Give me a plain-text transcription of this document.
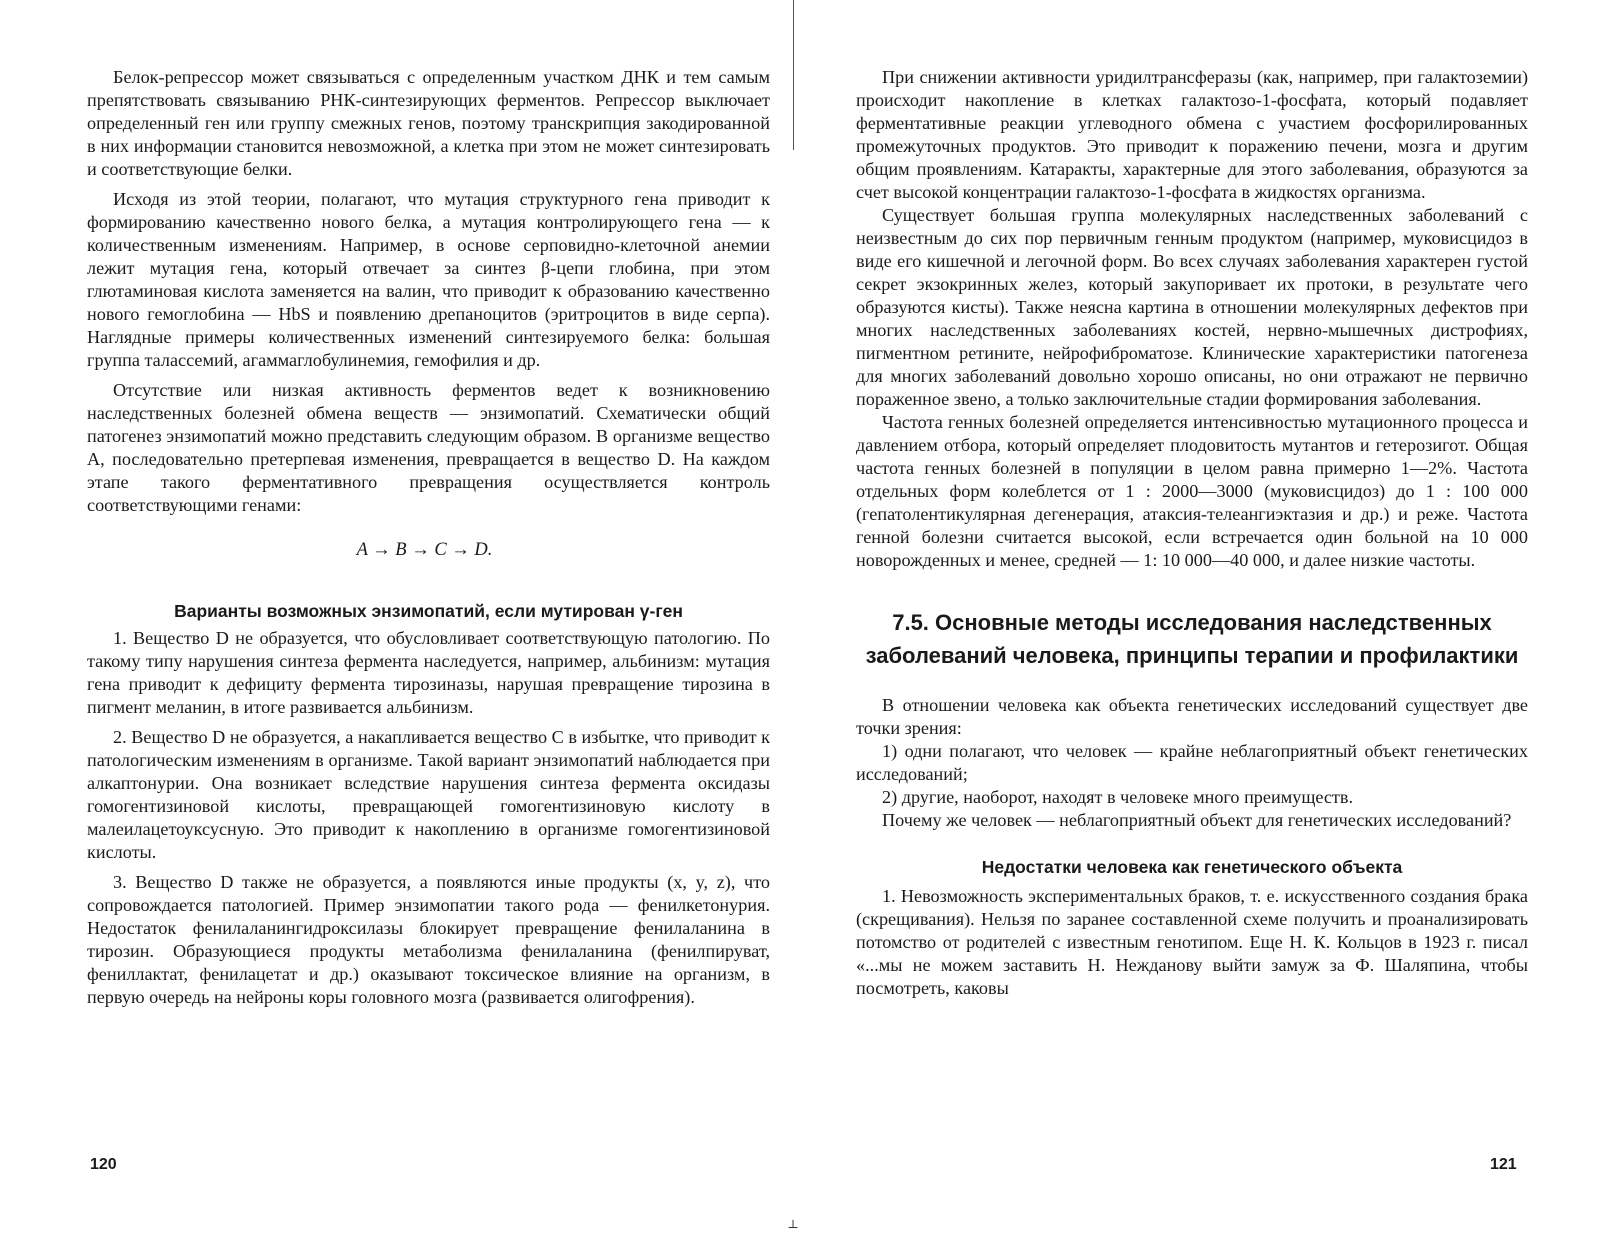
Белок-репрессор может связываться с определенным участком ДНК и тем самым препятствовать связыванию РНК-синтезирующих ферментов. Репрессор выключает определенный ген или группу смежных генов, поэтому транскрипция закодированной в них информации становится невозможной, а клетка при этом не может синтезировать и соответствующие белки.

Исходя из этой теории, полагают, что мутация структурного гена приводит к формированию качественно нового белка, а мутация контролирующего гена — к количественным изменениям. Например, в основе серповидно-клеточной анемии лежит мутация гена, который отвечает за синтез β-цепи глобина, при этом глютаминовая кислота заменяется на валин, что приводит к образованию качественно нового гемоглобина — HbS и появлению дрепаноцитов (эритроцитов в виде серпа). Наглядные примеры количественных изменений синтезируемого белка: большая группа талассемий, агаммаглобулинемия, гемофилия и др.

Отсутствие или низкая активность ферментов ведет к возникновению наследственных болезней обмена веществ — энзимопатий. Схематически общий патогенез энзимопатий можно представить следующим образом. В организме вещество A, последовательно претерпевая изменения, превращается в вещество D. На каждом этапе такого ферментативного превращения осуществляется контроль соответствующими генами:

A → B → C → D.
Варианты возможных энзимопатий, если мутирован γ-ген

1. Вещество D не образуется, что обусловливает соответствующую патологию. По такому типу нарушения синтеза фермента наследуется, например, альбинизм: мутация гена приводит к дефициту фермента тирозиназы, нарушая превращение тирозина в пигмент меланин, в итоге развивается альбинизм.

2. Вещество D не образуется, а накапливается вещество C в избытке, что приводит к патологическим изменениям в организме. Такой вариант энзимопатий наблюдается при алкаптонурии. Она возникает вследствие нарушения синтеза фермента оксидазы гомогентизиновой кислоты, превращающей гомогентизиновую кислоту в малеилацетоуксусную. Это приводит к накоплению в организме гомогентизиновой кислоты.

3. Вещество D также не образуется, а появляются иные продукты (x, y, z), что сопровождается патологией. Пример энзимопатии такого рода — фенилкетонурия. Недостаток фенилаланингидроксилазы блокирует превращение фенилаланина в тирозин. Образующиеся продукты метаболизма фенилаланина (фенилпируват, фениллактат, фенилацетат и др.) оказывают токсическое влияние на организм, в первую очередь на нейроны коры головного мозга (развивается олигофрения).

При снижении активности уридилтрансферазы (как, например, при галактоземии) происходит накопление в клетках галактозо-1-фосфата, который подавляет ферментативные реакции углеводного обмена с участием фосфорилированных промежуточных продуктов. Это приводит к поражению печени, мозга и другим общим проявлениям. Катаракты, характерные для этого заболевания, образуются за счет высокой концентрации галактозо-1-фосфата в жидкостях организма.

Существует большая группа молекулярных наследственных заболеваний с неизвестным до сих пор первичным генным продуктом (например, муковисцидоз в виде его кишечной и легочной форм. Во всех случаях заболевания характерен густой секрет экзокринных желез, который закупоривает их протоки, в результате чего образуются кисты). Также неясна картина в отношении молекулярных дефектов при многих наследственных заболеваниях костей, нервно-мышечных дистрофиях, пигментном ретините, нейрофиброматозе. Клинические характеристики патогенеза для многих заболеваний довольно хорошо описаны, но они отражают не первично пораженное звено, а только заключительные стадии формирования заболевания.

Частота генных болезней определяется интенсивностью мутационного процесса и давлением отбора, который определяет плодовитость мутантов и гетерозигот. Общая частота генных болезней в популяции в целом равна примерно 1—2%. Частота отдельных форм колеблется от 1 : 2000—3000 (муковисцидоз) до 1 : 100 000 (гепатолентикулярная дегенерация, атаксия-телеангиэктазия и др.) и реже. Частота генной болезни считается высокой, если встречается один больной на 10 000 новорожденных и менее, средней — 1: 10 000—40 000, и далее низкие частоты.

7.5. Основные методы исследования наследственных
заболеваний человека, принципы терапии и профилактики

В отношении человека как объекта генетических исследований существует две точки зрения:

1) одни полагают, что человек — крайне неблагоприятный объект генетических исследований;

2) другие, наоборот, находят в человеке много преимуществ.

Почему же человек — неблагоприятный объект для генетических исследований?

Недостатки человека как генетического объекта

1. Невозможность экспериментальных браков, т. е. искусственного создания брака (скрещивания). Нельзя по заранее составленной схеме получить и проанализировать потомство от родителей с известным генотипом. Еще Н. К. Кольцов в 1923 г. писал «...мы не можем заставить Н. Нежданову выйти замуж за Ф. Шаляпина, чтобы посмотреть, каковы

120	121
⊥
